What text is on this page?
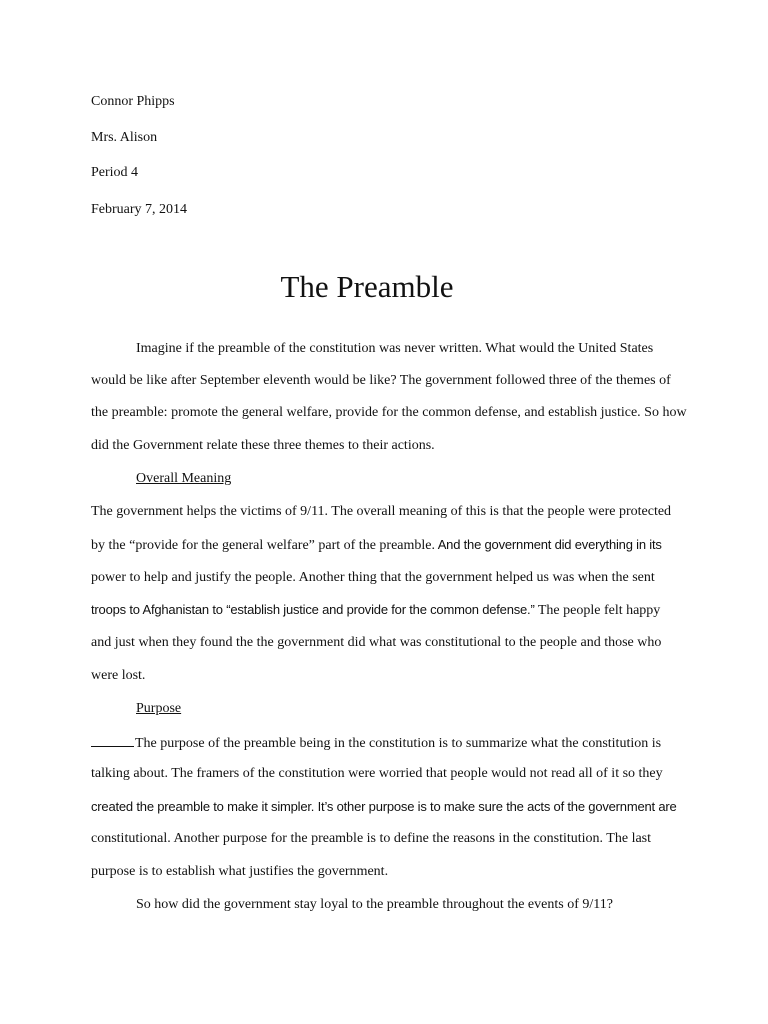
Connor Phipps
Mrs. Alison
Period 4
February 7, 2014
The Preamble
Imagine if the preamble of the constitution was never written. What would the United States
would be like after September eleventh would be like? The government followed three of the themes of
the preamble: promote the general welfare, provide for the common defense, and establish justice. So how
did the Government relate these three themes to their actions.
Overall Meaning
The government helps the victims of 9/11. The overall meaning of this is that the people were protected
by the “provide for the general welfare” part of the preamble. And the government did everything in its
power to help and justify the people. Another thing that the government helped us was when the sent
troops to Afghanistan to “establish justice and provide for the common defense.” The people felt happy
and just when they found the the government did what was constitutional to the people and those who
were lost.
Purpose
The purpose of the preamble being in the constitution is to summarize what the constitution is
talking about. The framers of the constitution were worried that people would not read all of it so they
created the preamble to make it simpler. It’s other purpose is to make sure the acts of the government are
constitutional. Another purpose for the preamble is to define the reasons in the constitution. The last
purpose is to establish what justifies the government.
So how did the government stay loyal to the preamble throughout the events of 9/11?
